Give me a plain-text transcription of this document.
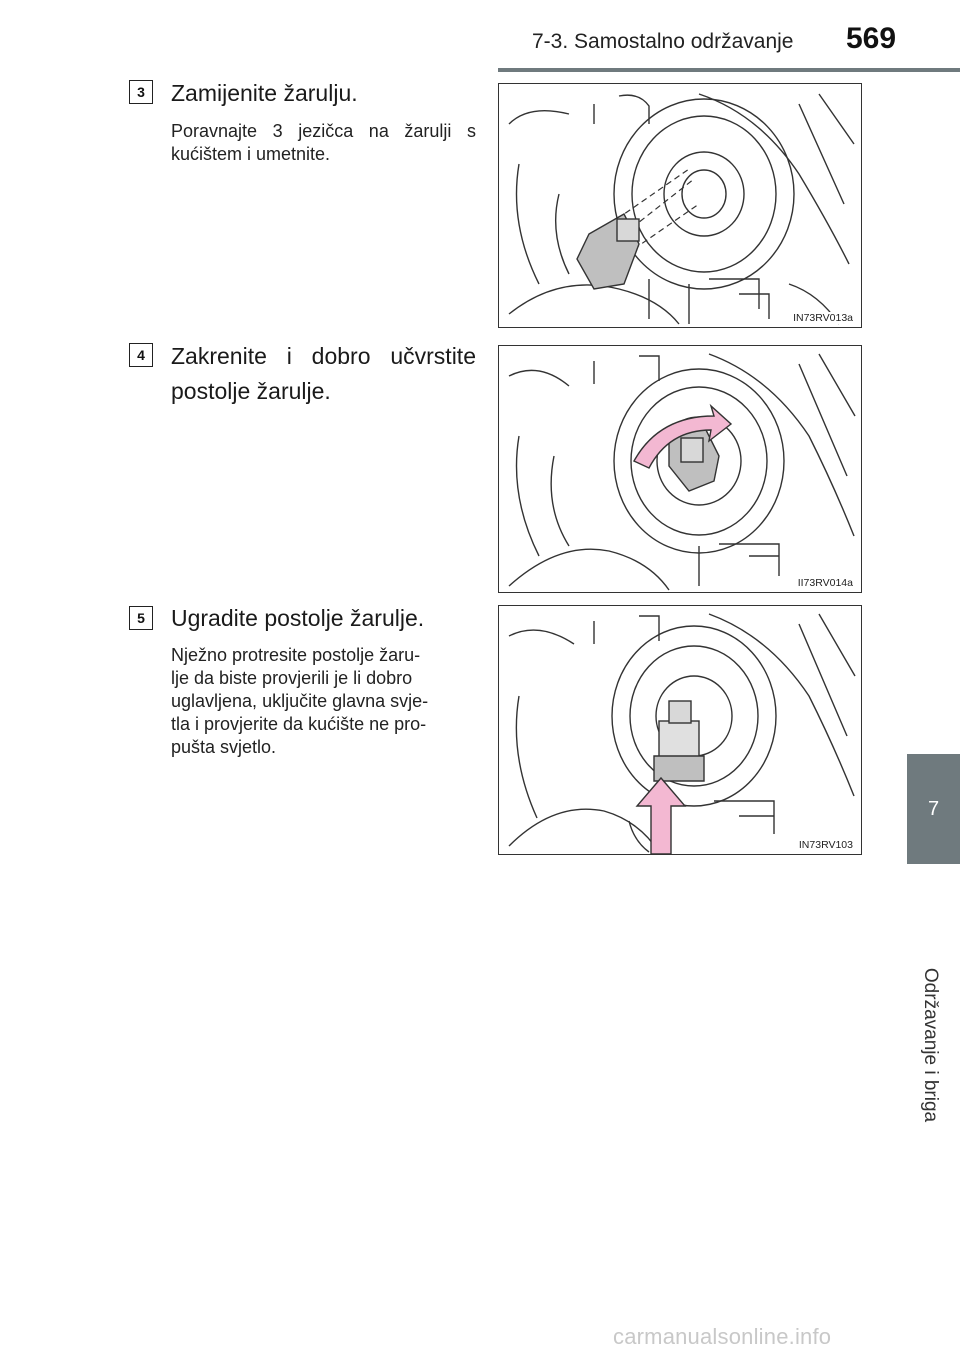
7-3. Samostalno održavanje 569
7
Održavanje i briga
3	Zamijenite žarulju.
Poravnajte 3 jezičca na žarulji s kućištem i umetnite.
IN73RV013a
4	Zakrenite i dobro učvrstite
postolje žarulje.
II73RV014a
5	Ugradite postolje žarulje.
Nježno protresite postolje žaru-
lje da biste provjerili je li dobro
uglavljena, uključite glavna svje-
tla i provjerite da kućište ne pro-
pušta svjetlo.
IN73RV103
carmanualsonline.info
